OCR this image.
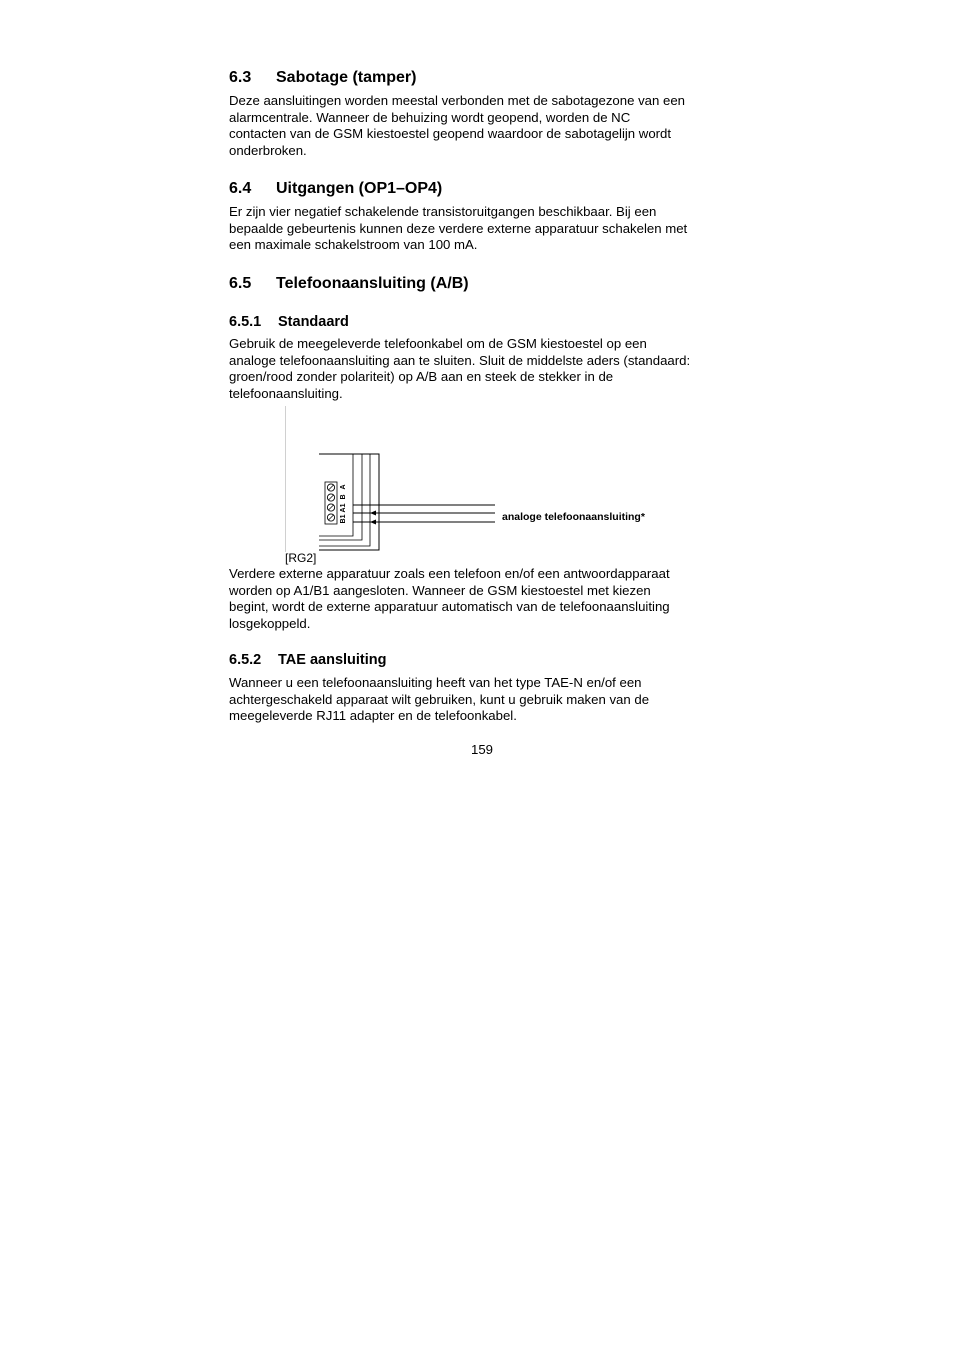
6.3 Sabotage (tamper)

Deze aansluitingen worden meestal verbonden met de sabotagezone van een
alarmcentrale. Wanneer de behuizing wordt geopend, worden de NC
contacten van de GSM kiestoestel geopend waardoor de sabotagelijn wordt
onderbroken.

6.4 Uitgangen (OP1–OP4)

Er zijn vier negatief schakelende transistoruitgangen beschikbaar. Bij een
bepaalde gebeurtenis kunnen deze verdere externe apparatuur schakelen met
een maximale schakelstroom van 100 mA.

6.5 Telefoonaansluiting (A/B)
6.5.1 Standaard

Gebruik de meegeleverde telefoonkabel om de GSM kiestoestel op een
analoge telefoonaansluiting aan te sluiten. Sluit de middelste aders (standaard:
groen/rood zonder polariteit) op A/B aan en steek de stekker in de
telefoonaansluiting.

A
B
A1
B1	analoge telefoonaansluiting*
[RG2]

Verdere externe apparatuur zoals een telefoon en/of een antwoordapparaat
worden op A1/B1 aangesloten. Wanneer de GSM kiestoestel met kiezen
begint, wordt de externe apparatuur automatisch van de telefoonaansluiting
losgekoppeld.

6.5.2 TAE aansluiting

Wanneer u een telefoonaansluiting heeft van het type TAE-N en/of een
achtergeschakeld apparaat wilt gebruiken, kunt u gebruik maken van de
meegeleverde RJ11 adapter en de telefoonkabel.

159
